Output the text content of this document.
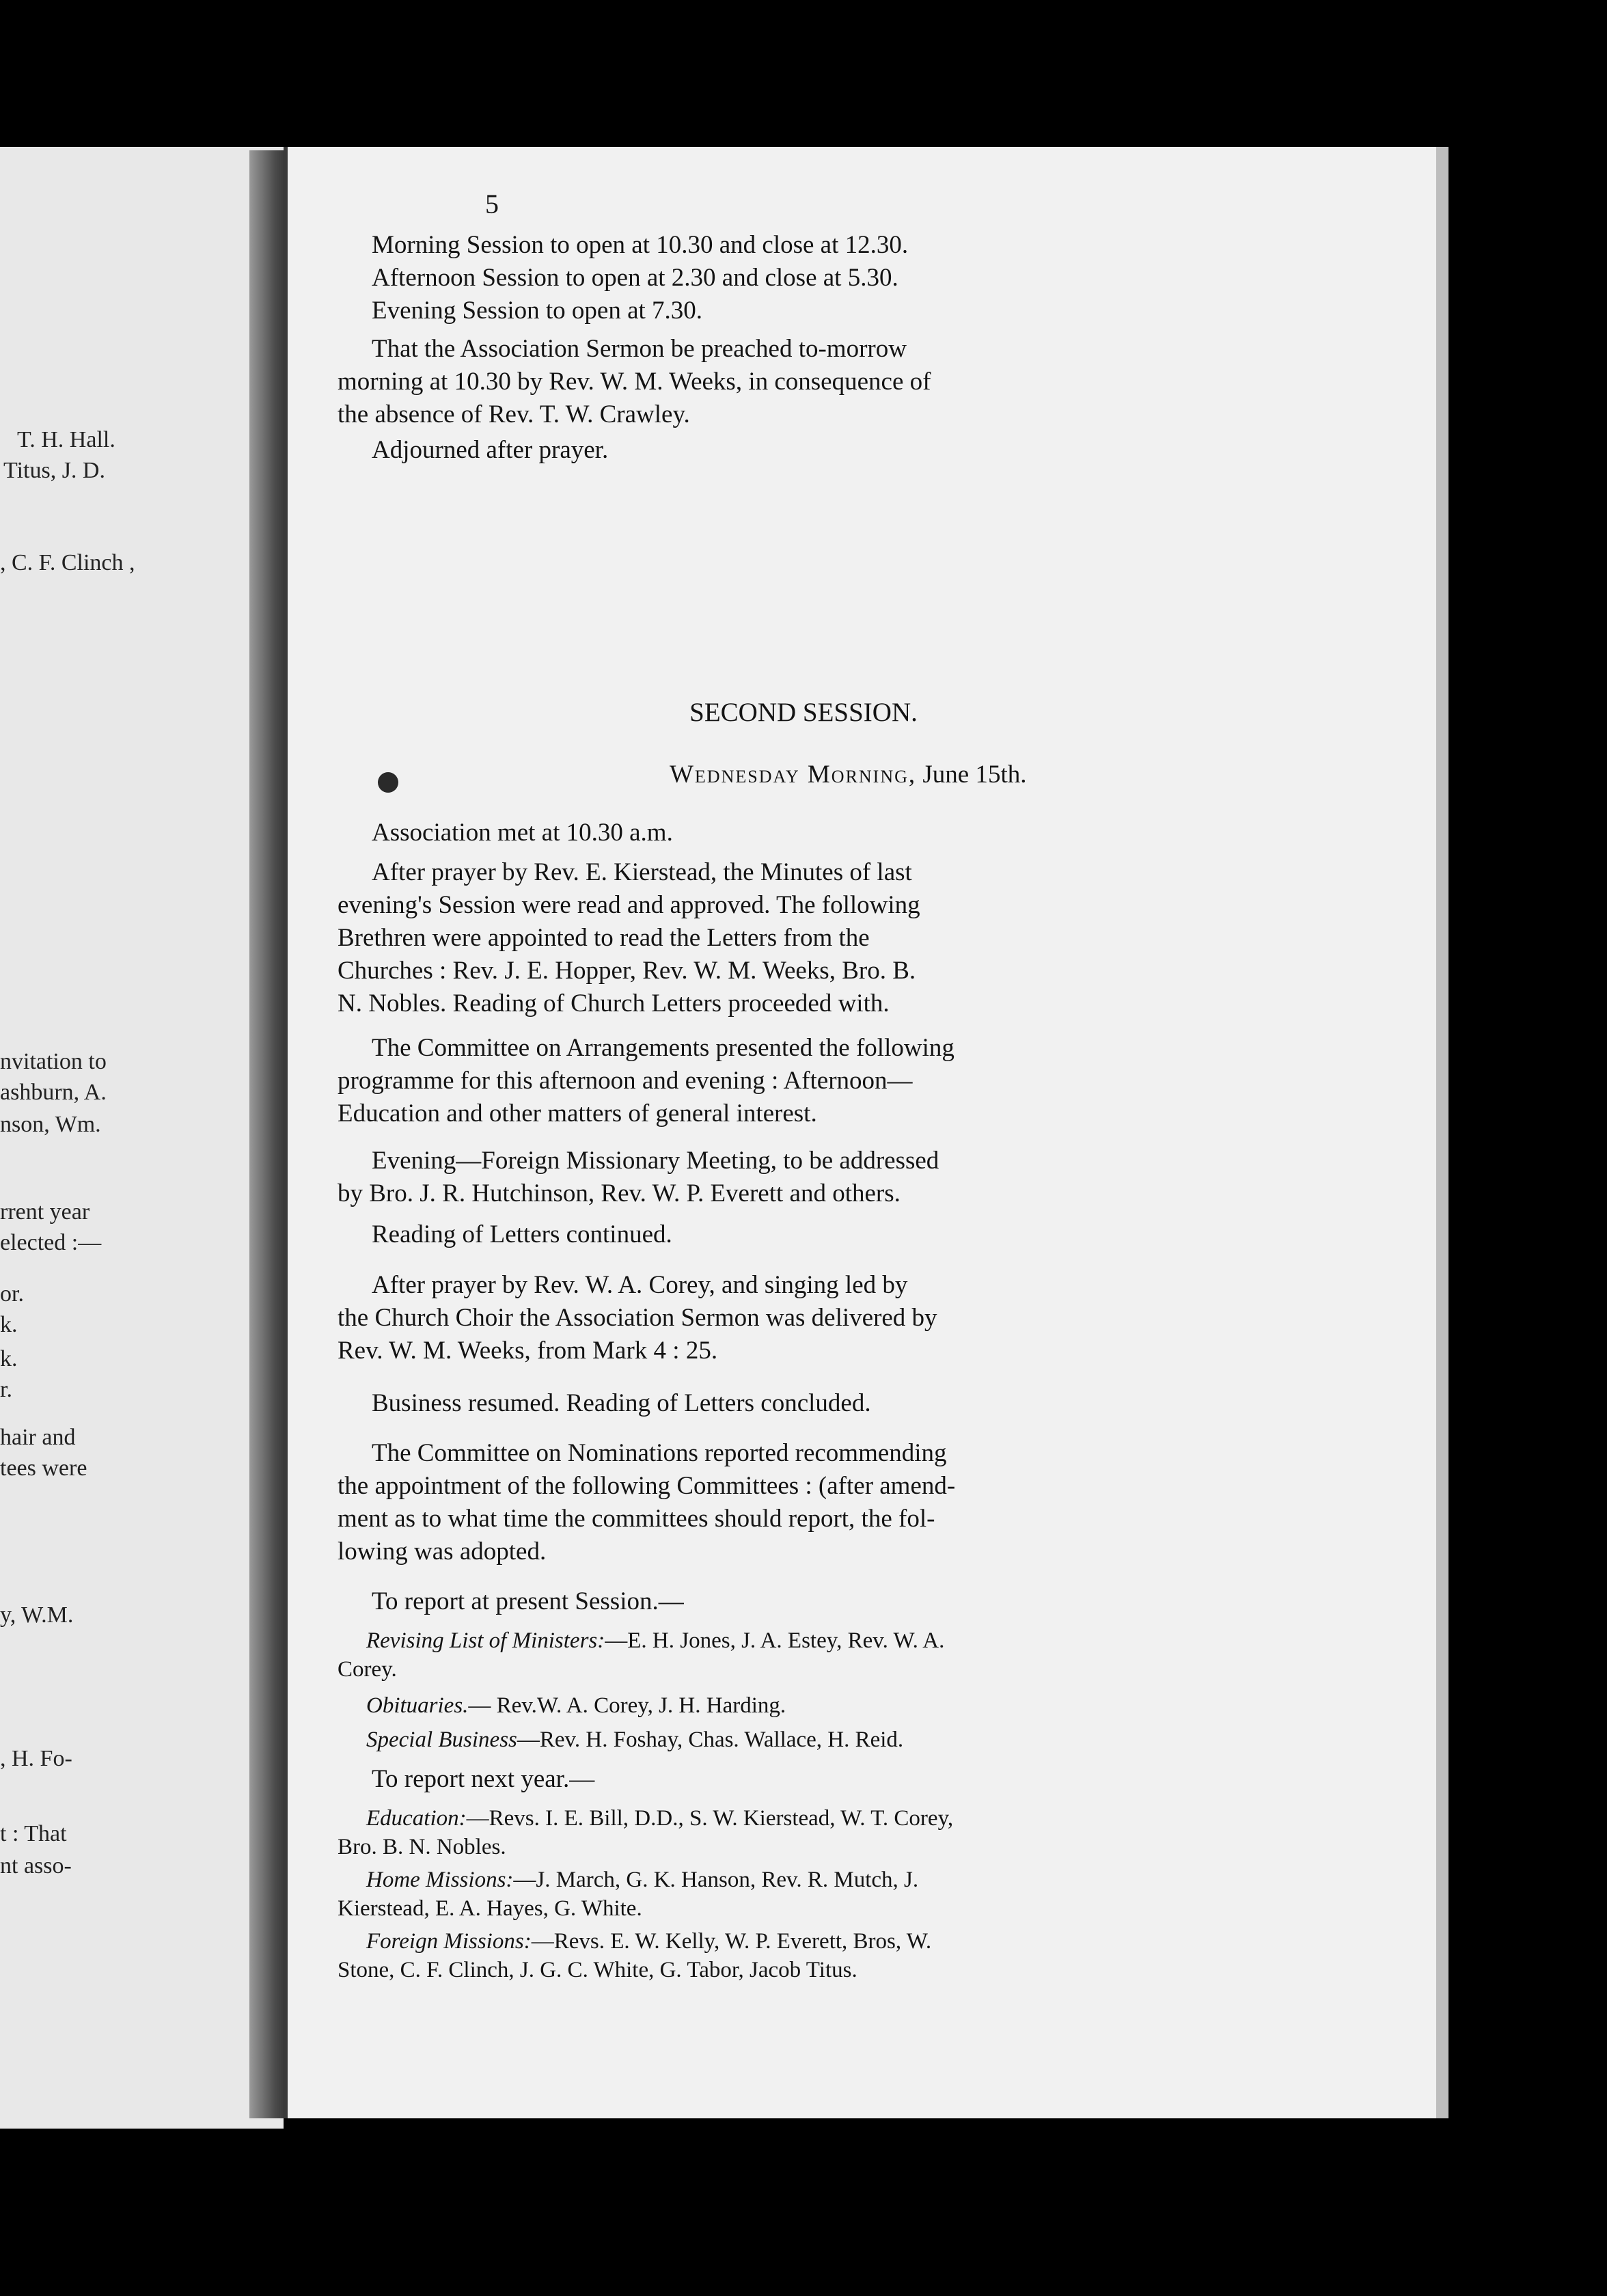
T. H. Hall.
Titus, J. D.
, C. F. Clinch ,
nvitation to
ashburn, A.
nson, Wm.
rrent year
elected :—
or.
k.
k.
r.
hair and
tees were
y, W.M.
, H. Fo-
t : That
nt asso-
5
Morning Session to open at 10.30 and close at 12.30.
Afternoon Session to open at 2.30 and close at 5.30.
Evening Session to open at 7.30.
That the Association Sermon be preached to-morrow
morning at 10.30 by Rev. W. M. Weeks, in consequence of
the absence of Rev. T. W. Crawley.
Adjourned after prayer.
SECOND SESSION.
Wednesday Morning, June 15th.
Association met at 10.30 a.m.
After prayer by Rev. E. Kierstead, the Minutes of last
evening's Session were read and approved. The following
Brethren were appointed to read the Letters from the
Churches : Rev. J. E. Hopper, Rev. W. M. Weeks, Bro. B.
N. Nobles. Reading of Church Letters proceeded with.
The Committee on Arrangements presented the following
programme for this afternoon and evening : Afternoon—
Education and other matters of general interest.
Evening—Foreign Missionary Meeting, to be addressed
by Bro. J. R. Hutchinson, Rev. W. P. Everett and others.
Reading of Letters continued.
After prayer by Rev. W. A. Corey, and singing led by
the Church Choir the Association Sermon was delivered by
Rev. W. M. Weeks, from Mark 4 : 25.
Business resumed. Reading of Letters concluded.
The Committee on Nominations reported recommending
the appointment of the following Committees : (after amend-
ment as to what time the committees should report, the fol-
lowing was adopted.
To report at present Session.—
Revising List of Ministers:—E. H. Jones, J. A. Estey, Rev. W. A.
Corey.
Obituaries.— Rev.W. A. Corey, J. H. Harding.
Special Business—Rev. H. Foshay, Chas. Wallace, H. Reid.
To report next year.—
Education:—Revs. I. E. Bill, D.D., S. W. Kierstead, W. T. Corey,
Bro. B. N. Nobles.
Home Missions:—J. March, G. K. Hanson, Rev. R. Mutch, J.
Kierstead, E. A. Hayes, G. White.
Foreign Missions:—Revs. E. W. Kelly, W. P. Everett, Bros, W.
Stone, C. F. Clinch, J. G. C. White, G. Tabor, Jacob Titus.
